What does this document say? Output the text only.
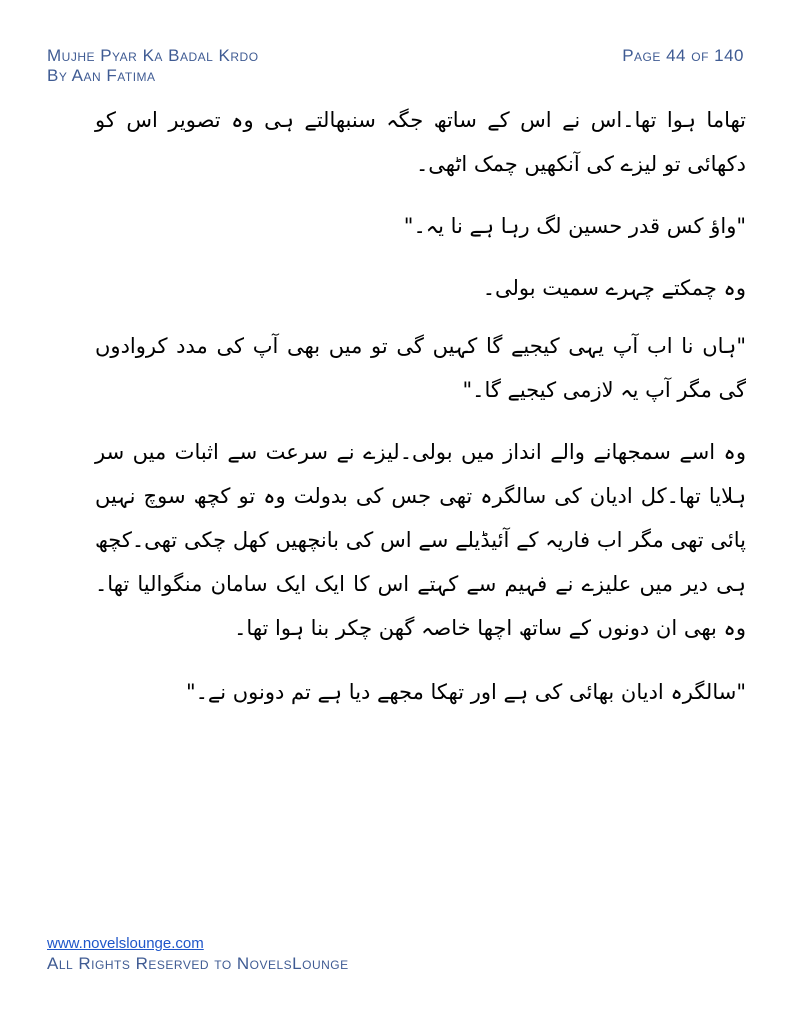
Mujhe Pyar Ka Badal Krdo
By Aan Fatima
Page 44 of 140

تھاما ہوا تھا۔اس نے اس کے ساتھ جگہ سنبھالتے ہی وہ تصویر اس کو دکھائی تو لیزے کی آنکھیں چمک اٹھی۔

"واؤ کس قدر حسین لگ رہا ہے نا یہ۔"

وہ چمکتے چہرے سمیت بولی۔

"ہاں نا اب آپ یہی کیجیے گا کہیں گی تو میں بھی آپ کی مدد کروادوں گی مگر آپ یہ لازمی کیجیے گا۔"

وہ اسے سمجھانے والے انداز میں بولی۔لیزے نے سرعت سے اثبات میں سر ہلایا تھا۔کل ادیان کی سالگرہ تھی جس کی بدولت وہ تو کچھ سوچ نہیں پائی تھی مگر اب فاریہ کے آئیڈیلے سے اس کی بانچھیں کھل چکی تھی۔کچھ ہی دیر میں علیزے نے فہیم سے کہتے اس کا ایک ایک سامان منگوالیا تھا۔وہ بھی ان دونوں کے ساتھ اچھا خاصہ گھن چکر بنا ہوا تھا۔

"سالگرہ ادیان بھائی کی ہے اور تھکا مجھے دیا ہے تم دونوں نے۔"

www.novelslounge.com
All Rights Reserved to NovelsLounge
